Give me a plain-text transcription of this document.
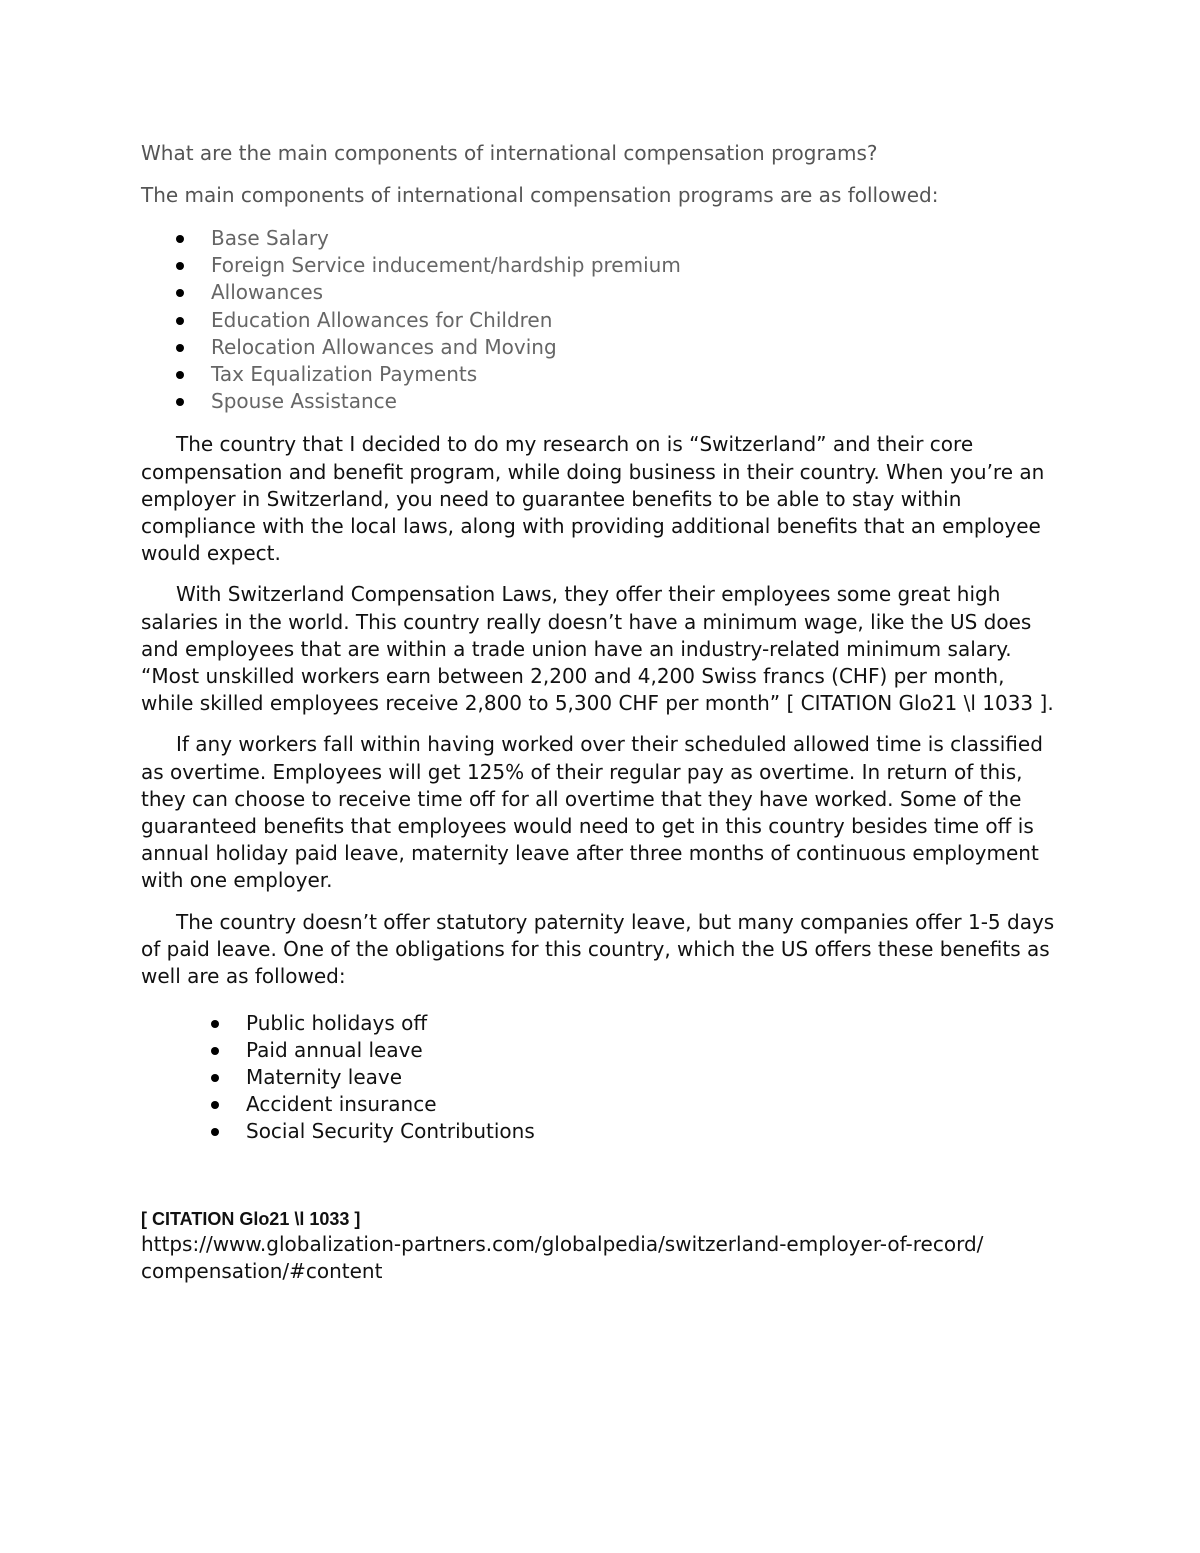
What are the main components of international compensation programs?

The main components of international compensation programs are as followed:

Base Salary
Foreign Service inducement/hardship premium
Allowances
Education Allowances for Children
Relocation Allowances and Moving
Tax Equalization Payments
Spouse Assistance

The country that I decided to do my research on is “Switzerland” and their core compensation and benefit program, while doing business in their country. When you’re an employer in Switzerland, you need to guarantee benefits to be able to stay within compliance with the local laws, along with providing additional benefits that an employee would expect.

With Switzerland Compensation Laws, they offer their employees some great high salaries in the world. This country really doesn’t have a minimum wage, like the US does and employees that are within a trade union have an industry-related minimum salary. “Most unskilled workers earn between 2,200 and 4,200 Swiss francs (CHF) per month, while skilled employees receive 2,800 to 5,300 CHF per month” [ CITATION Glo21 \l 1033 ].

If any workers fall within having worked over their scheduled allowed time is classified as overtime. Employees will get 125% of their regular pay as overtime. In return of this, they can choose to receive time off for all overtime that they have worked. Some of the guaranteed benefits that employees would need to get in this country besides time off is annual holiday paid leave, maternity leave after three months of continuous employment with one employer.

The country doesn’t offer statutory paternity leave, but many companies offer 1-5 days of paid leave. One of the obligations for this country, which the US offers these benefits as well are as followed:

Public holidays off
Paid annual leave
Maternity leave
Accident insurance
Social Security Contributions
[ CITATION Glo21 \l 1033 ]
https://www.globalization-partners.com/globalpedia/switzerland-employer-of-record/compensation/#content
